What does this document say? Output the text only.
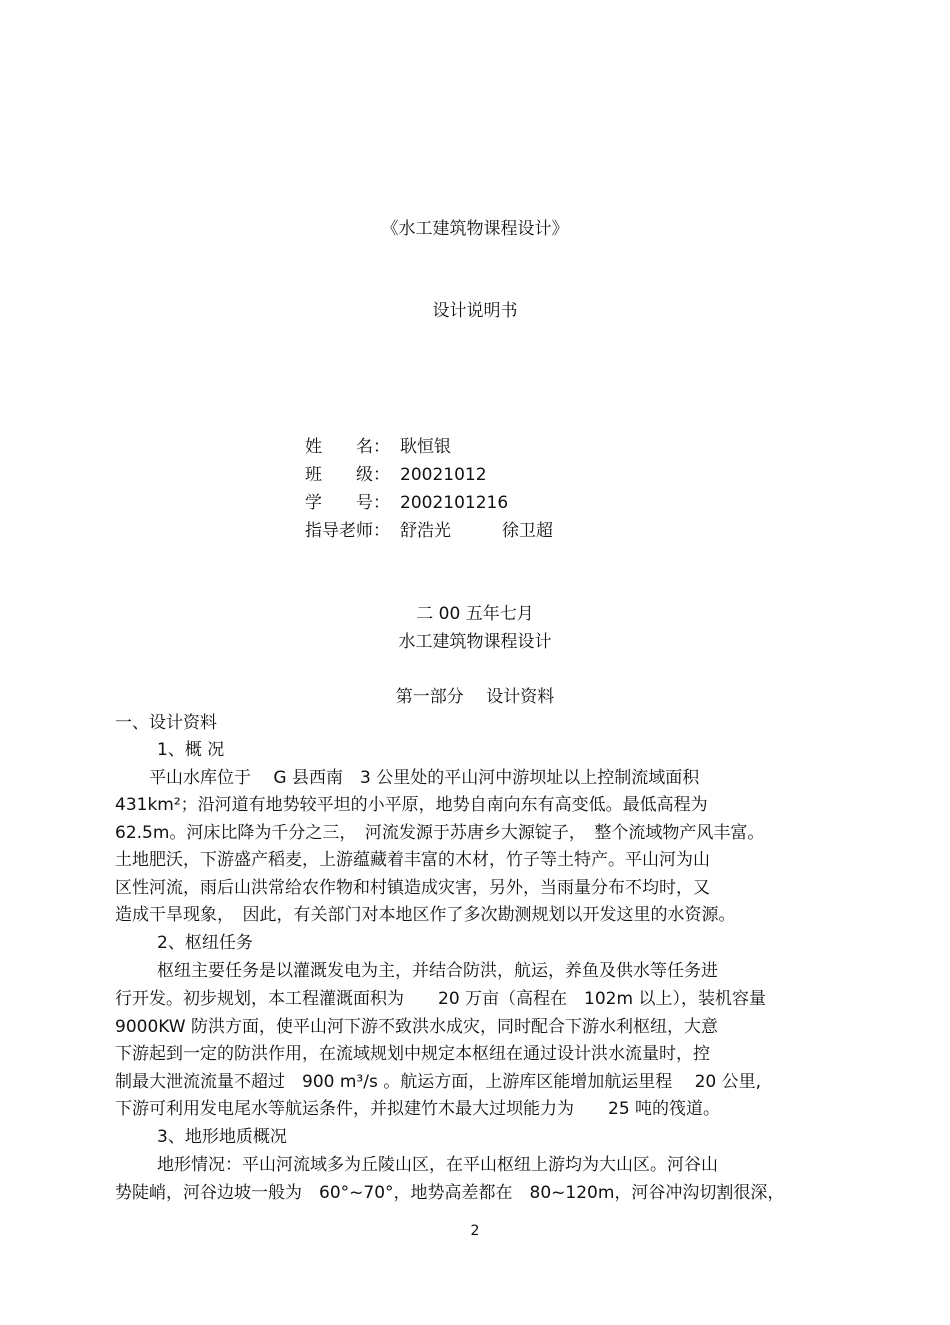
《水工建筑物课程设计》
设计说明书
姓　　名： 耿恒银
班　　级： 20021012
学　　号： 2002101216
指导老师： 舒浩光　　　徐卫超
二 00 五年七月
水工建筑物课程设计
第一部分　 设计资料
一、设计资料
1、概 况
　　平山水库位于　 G 县西南　3 公里处的平山河中游坝址以上控制流域面积
431km²；沿河道有地势较平坦的小平原，地势自南向东有高变低。最低高程为
62.5m。河床比降为千分之三，　河流发源于苏唐乡大源锭子，　整个流域物产风丰富。
土地肥沃，下游盛产稻麦，上游蕴藏着丰富的木材，竹子等土特产。平山河为山
区性河流，雨后山洪常给农作物和村镇造成灾害，另外，当雨量分布不均时，又
造成干旱现象，　因此，有关部门对本地区作了多次勘测规划以开发这里的水资源。
2、枢纽任务
枢纽主要任务是以灌溉发电为主，并结合防洪，航运，养鱼及供水等任务进
行开发。初步规划，本工程灌溉面积为　　20 万亩（高程在　102m 以上），装机容量
9000KW 防洪方面，使平山河下游不致洪水成灾，同时配合下游水利枢纽，大意
下游起到一定的防洪作用，在流域规划中规定本枢纽在通过设计洪水流量时，控
制最大泄流流量不超过　900 m³/s 。航运方面，上游库区能增加航运里程　 20 公里,
下游可利用发电尾水等航运条件，并拟建竹木最大过坝能力为　　25 吨的筏道。
3、地形地质概况
地形情况：平山河流域多为丘陵山区，在平山枢纽上游均为大山区。河谷山
势陡峭，河谷边坡一般为　60°~70°，地势高差都在　80~120m，河谷冲沟切割很深，
2
